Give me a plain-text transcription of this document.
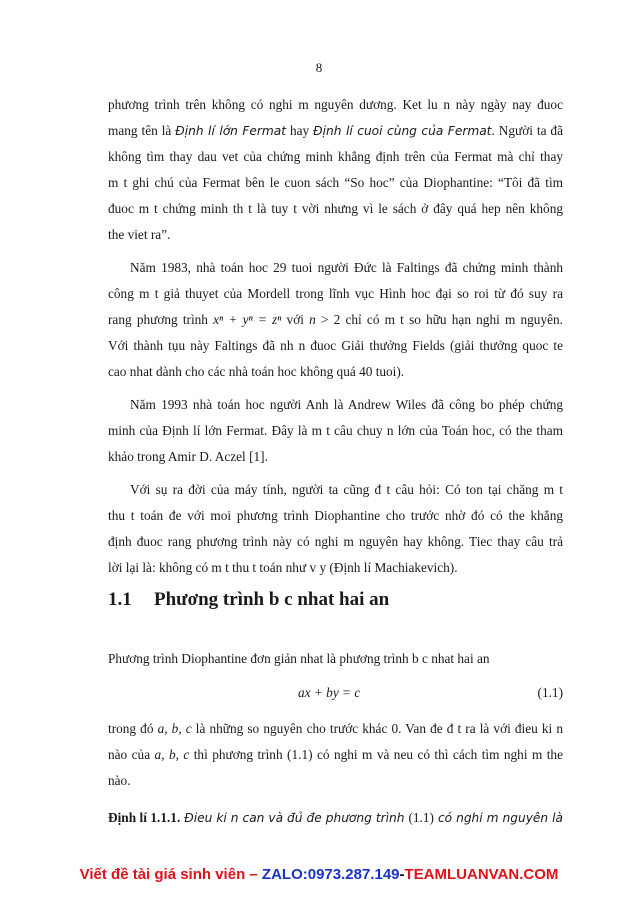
8
phương trình trên không có nghi m nguyên dương. Ket lu n này ngày nay đuoc
mang tên là Định lí lớn Fermat hay Định lí cuoi cùng của Fermat. Người ta đã
không tìm thay dau vet của chứng minh khẳng định trên của Fermat mà chỉ thay
m t ghi chú của Fermat bên le cuon sách “So hoc” của Diophantine: “Tôi đã tìm
đuoc m t chứng minh th t là tuy t vời nhưng vì le sách ở đây quá hep nên không
the viet ra”.
Năm 1983, nhà toán hoc 29 tuoi người Đức là Faltings đã chứng minh thành
công m t giả thuyet của Mordell trong lĩnh vục Hình hoc đại so roi từ đó suy ra
rang phương trình xⁿ + yⁿ = zⁿ với n > 2 chỉ có m t so hữu hạn nghi m nguyên.
Với thành tụu này Faltings đã nh n đuoc Giải thưởng Fields (giải thưởng quoc te
cao nhat dành cho các nhà toán hoc không quá 40 tuoi).
Năm 1993 nhà toán hoc người Anh là Andrew Wiles đã công bo phép chứng
minh của Định lí lớn Fermat. Đây là m t câu chuy n lớn của Toán hoc, có the tham
khảo trong Amir D. Aczel [1].
Với sụ ra đời của máy tính, người ta cũng đ t câu hỏi: Có ton tại chăng m t
thu t toán đe với moi phương trình Diophantine cho trước nhờ đó có the khẳng
định đuoc rang phương trình này có nghi m nguyên hay không. Tiec thay câu trả
lời lại là: không có m t thu t toán như v y (Định lí Machiakevich).
1.1 Phương trình b c nhat hai an
Phương trình Diophantine đơn giản nhat là phương trình b c nhat hai an
ax + by = c	(1.1)
trong đó a, b, c là những so nguyên cho trước khác 0. Van đe đ t ra là với đieu ki n
nào của a, b, c thì phương trình (1.1) có nghi m và neu có thì cách tìm nghi m the
nào.
Định lí 1.1.1. Đieu ki n can và đủ đe phương trình (1.1) có nghi m nguyên là
Viết đề tài giá sinh viên – ZALO:0973.287.149-TEAMLUANVAN.COM
